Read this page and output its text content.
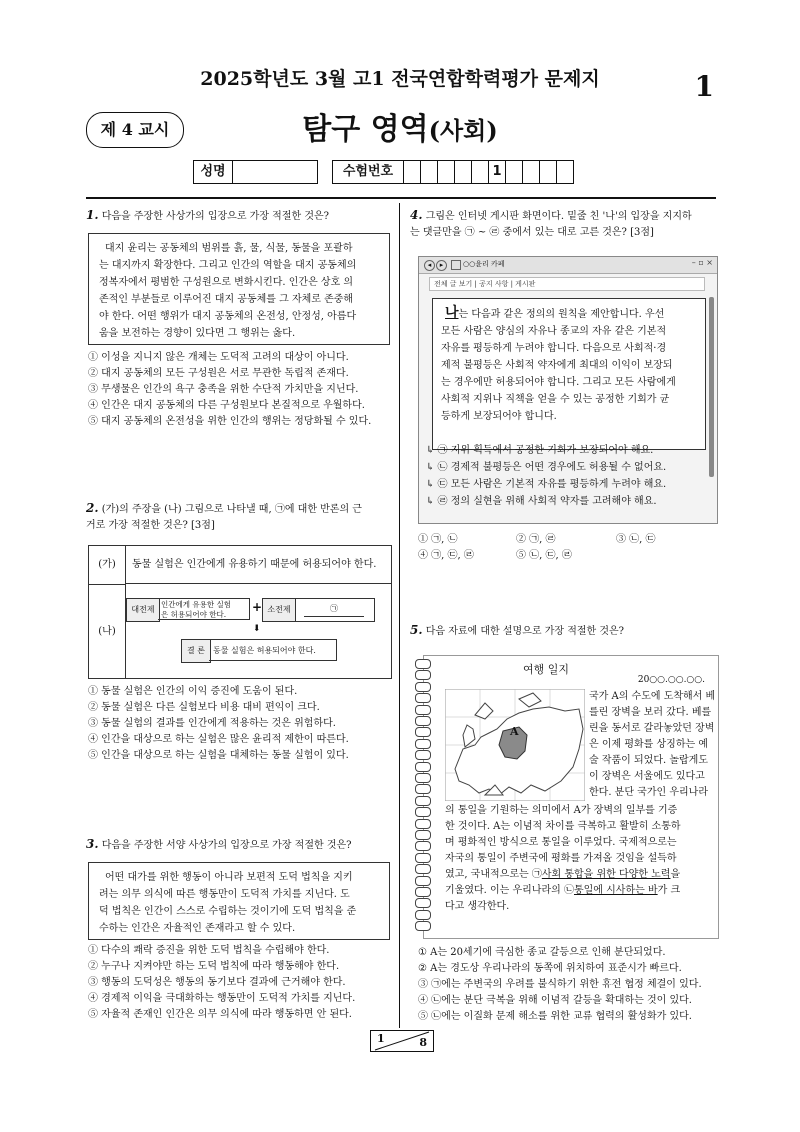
2025학년도 3월 고1 전국연합학력평가 문제지	1
제 4 교시	탐구 영역(사회)
성명	수험번호	1
1. 다음을 주장한 사상가의 입장으로 가장 적절한 것은?
대지 윤리는 공동체의 범위를 흙, 물, 식물, 동물을 포괄하
는 대지까지 확장한다. 그리고 인간의 역할을 대지 공동체의
정복자에서 평범한 구성원으로 변화시킨다. 인간은 상호 의
존적인 부분들로 이루어진 대지 공동체를 그 자체로 존중해
야 한다. 어떤 행위가 대지 공동체의 온전성, 안정성, 아름다
움을 보전하는 경향이 있다면 그 행위는 옳다.
① 이성을 지니지 않은 개체는 도덕적 고려의 대상이 아니다.
② 대지 공동체의 모든 구성원은 서로 무관한 독립적 존재다.
③ 무생물은 인간의 욕구 충족을 위한 수단적 가치만을 지닌다.
④ 인간은 대지 공동체의 다른 구성원보다 본질적으로 우월하다.
⑤ 대지 공동체의 온전성을 위한 인간의 행위는 정당화될 수 있다.
2. (가)의 주장을 (나) 그림으로 나타낼 때, ㉠에 대한 반론의 근
거로 가장 적절한 것은? [3점]
(가)	동물 실험은 인간에게 유용하기 때문에 허용되어야 한다.
(나)
대전제
인간에게 유용한 실험
은 허용되어야 한다.
+ 소전제	㉠
⬇
결 론	동물 실험은 허용되어야 한다.
① 동물 실험은 인간의 이익 증진에 도움이 된다.
② 동물 실험은 다른 실험보다 비용 대비 편익이 크다.
③ 동물 실험의 결과를 인간에게 적용하는 것은 위험하다.
④ 인간을 대상으로 하는 실험은 많은 윤리적 제한이 따른다.
⑤ 인간을 대상으로 하는 실험을 대체하는 동물 실험이 있다.
3. 다음을 주장한 서양 사상가의 입장으로 가장 적절한 것은?
어떤 대가를 위한 행동이 아니라 보편적 도덕 법칙을 지키
려는 의무 의식에 따른 행동만이 도덕적 가치를 지닌다. 도
덕 법칙은 인간이 스스로 수립하는 것이기에 도덕 법칙을 준
수하는 인간은 자율적인 존재라고 할 수 있다.
① 다수의 쾌락 증진을 위한 도덕 법칙을 수립해야 한다.
② 누구나 지켜야만 하는 도덕 법칙에 따라 행동해야 한다.
③ 행동의 도덕성은 행동의 동기보다 결과에 근거해야 한다.
④ 경제적 이익을 극대화하는 행동만이 도덕적 가치를 지닌다.
⑤ 자율적 존재인 인간은 의무 의식에 따라 행동하면 안 된다.
4. 그림은 인터넷 게시판 화면이다. 밑줄 친 '나'의 입장을 지지하
는 댓글만을 ㉠ ~ ㉣ 중에서 있는 대로 고른 것은? [3점]
◂	▸	○○윤리 카페	– ▫ ×
전체 글 보기 | 공지 사항 | 게시판
나는 다음과 같은 정의의 원칙을 제안합니다. 우선
모든 사람은 양심의 자유나 종교의 자유 같은 기본적
자유를 평등하게 누려야 합니다. 다음으로 사회적·경
제적 불평등은 사회적 약자에게 최대의 이익이 보장되
는 경우에만 허용되어야 합니다. 그리고 모든 사람에게
사회적 지위나 직책을 얻을 수 있는 공정한 기회가 균
등하게 보장되어야 합니다.
↳ ㉠ 지위 획득에서 공정한 기회가 보장되어야 해요.
↳ ㉡ 경제적 불평등은 어떤 경우에도 허용될 수 없어요.
↳ ㉢ 모든 사람은 기본적 자유를 평등하게 누려야 해요.
↳ ㉣ 정의 실현을 위해 사회적 약자를 고려해야 해요.
① ㉠, ㉡	② ㉠, ㉣	③ ㉡, ㉢
④ ㉠, ㉢, ㉣	⑤ ㉡, ㉢, ㉣
5. 다음 자료에 대한 설명으로 가장 적절한 것은?
여행 일지
20○○.○○.○○.
A
국가 A의 수도에 도착해서 베
를린 장벽을 보러 갔다. 베를
린을 동서로 갈라놓았던 장벽
은 이제 평화를 상징하는 예
술 작품이 되었다. 놀랍게도
이 장벽은 서울에도 있다고
한다. 분단 국가인 우리나라
의 통일을 기원하는 의미에서 A가 장벽의 일부를 기증
한 것이다. A는 이념적 차이를 극복하고 활발히 소통하
며 평화적인 방식으로 통일을 이루었다. 국제적으로는
자국의 통일이 주변국에 평화를 가져올 것임을 설득하
였고, 국내적으로는 ㉠사회 통합을 위한 다양한 노력을
기울였다. 이는 우리나라의 ㉡통일에 시사하는 바가 크
다고 생각한다.
① A는 20세기에 극심한 종교 갈등으로 인해 분단되었다.
② A는 경도상 우리나라의 동쪽에 위치하여 표준시가 빠르다.
③ ㉠에는 주변국의 우려를 불식하기 위한 휴전 협정 체결이 있다.
④ ㉡에는 분단 극복을 위해 이념적 갈등을 확대하는 것이 있다.
⑤ ㉡에는 이질화 문제 해소를 위한 교류 협력의 활성화가 있다.
1	8
